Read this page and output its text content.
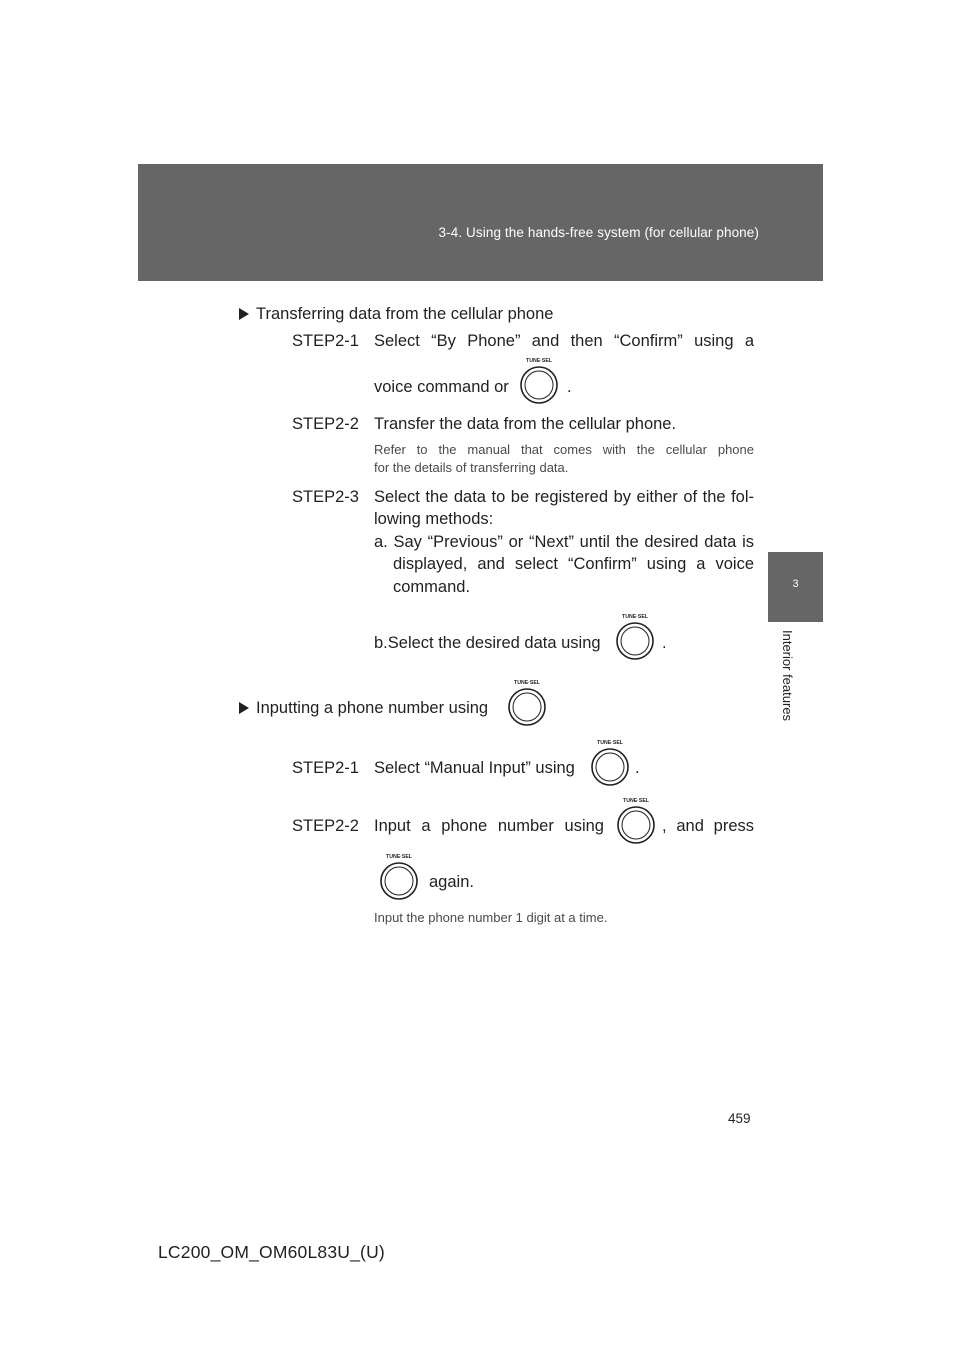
3-4. Using the hands-free system (for cellular phone)
3
Interior features
Transferring data from the cellular phone
STEP2-1 Select “By Phone” and then “Confirm” using a
voice command or
TUNE·SEL
.
STEP2-2 Transfer the data from the cellular phone.
Refer to the manual that comes with the cellular phone
for the details of transferring data.
STEP2-3 Select the data to be registered by either of the fol-
lowing methods:
a. Say “Previous” or “Next” until the desired data is
displayed, and select “Confirm” using a voice
command.
b.Select the desired data using
TUNE·SEL
.
Inputting a phone number using
TUNE·SEL
STEP2-1 Select “Manual Input” using
TUNE·SEL
.
STEP2-2 Input a phone number using
TUNE·SEL
, and press
TUNE·SEL
again.
Input the phone number 1 digit at a time.
459
LC200_OM_OM60L83U_(U)
